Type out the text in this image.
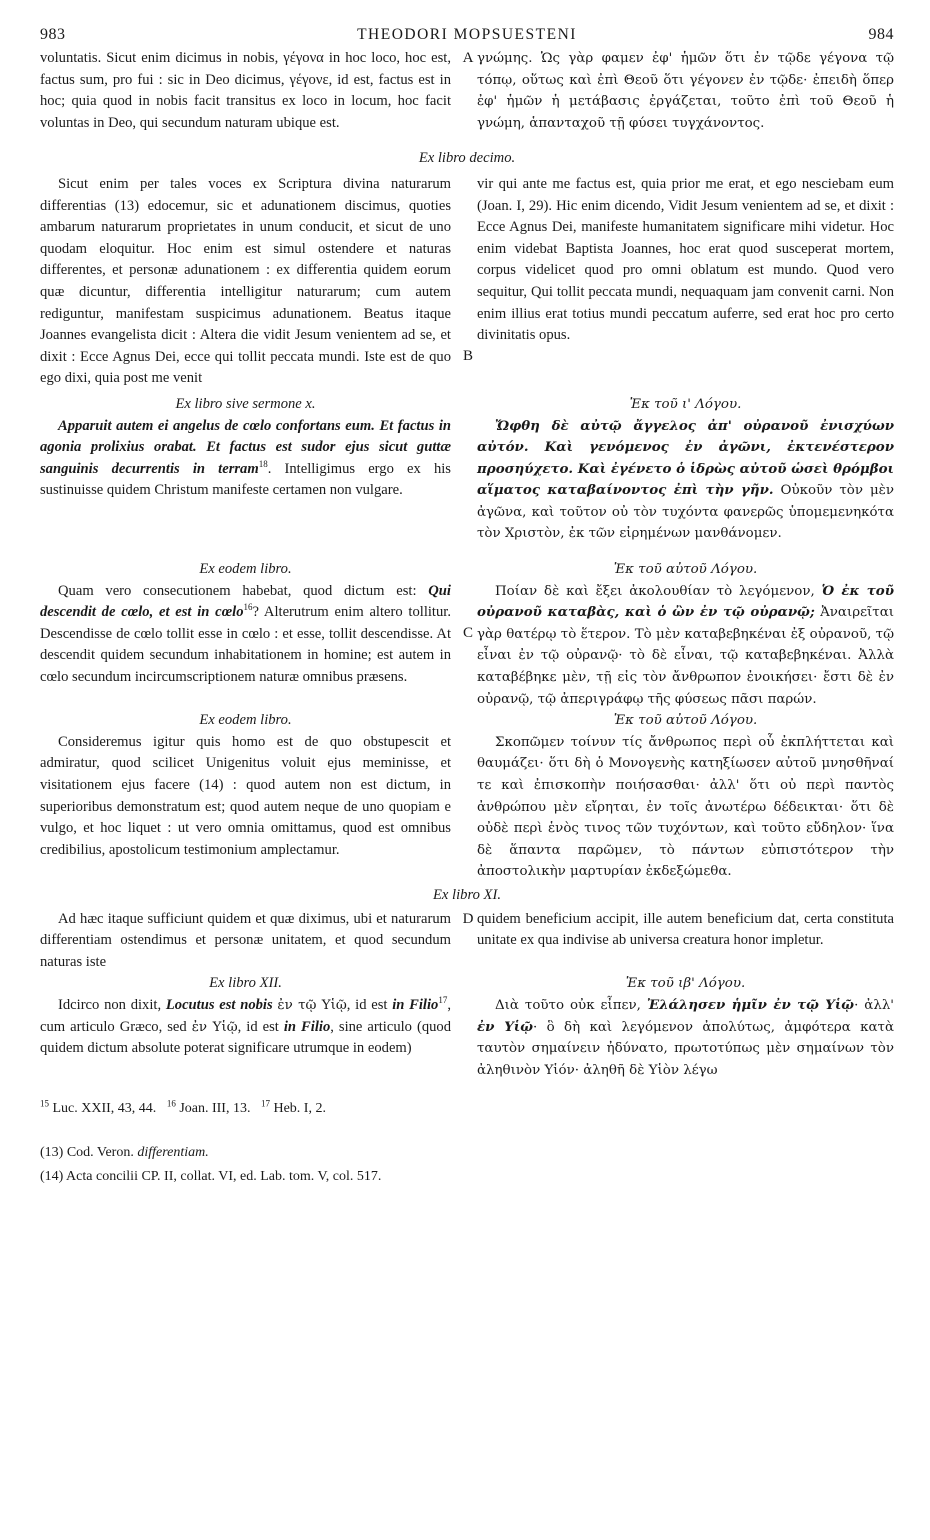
983	THEODORI MOPSUESTENI	984
A

voluntatis. Sicut enim dicimus in nobis, γέγονα in hoc loco, hoc est, factus sum, pro fui : sic in Deo dicimus, γέγονε, id est, factus est in hoc; quia quod in nobis facit transitus ex loco in locum, hoc facit voluntas in Deo, qui secundum naturam ubique est.

γνώμης. Ὡς γὰρ φαμεν ἐφ' ἡμῶν ὅτι ἐν τῷδε γέγονα τῷ τόπῳ, οὕτως καὶ ἐπὶ Θεοῦ ὅτι γέγονεν ἐν τῷδε· ἐπειδὴ ὅπερ ἐφ' ἡμῶν ἡ μετάβασις ἐργάζεται, τοῦτο ἐπὶ τοῦ Θεοῦ ἡ γνώμη, ἁπανταχοῦ τῇ φύσει τυγχάνοντος.

Ex libro decimo.

B

Sicut enim per tales voces ex Scriptura divina naturarum differentias (13) edocemur, sic et adunationem discimus, quoties ambarum naturarum proprietates in unum conducit, et sicut de uno quodam eloquitur. Hoc enim est simul ostendere et naturas differentes, et personæ adunationem : ex differentia quidem eorum quæ dicuntur, differentia intelligitur naturarum; cum autem rediguntur, manifestam suspicimus adunationem. Beatus itaque Joannes evangelista dicit : Altera die vidit Jesum venientem ad se, et dixit : Ecce Agnus Dei, ecce qui tollit peccata mundi. Iste est de quo ego dixi, quia post me venit

vir qui ante me factus est, quia prior me erat, et ego nesciebam eum (Joan. I, 29). Hic enim dicendo, Vidit Jesum venientem ad se, et dixit : Ecce Agnus Dei, manifeste humanitatem significare mihi videtur. Hoc enim videbat Baptista Joannes, hoc erat quod susceperat mortem, corpus videlicet quod pro omni oblatum est mundo. Quod vero sequitur, Qui tollit peccata mundi, nequaquam jam convenit carni. Non enim illius erat totius mundi peccatum auferre, sed erat hoc pro certo divinitatis opus.

Ex libro sive sermone x.

Apparuit autem ei angelus de cœlo confortans eum. Et factus in agonia prolixius orabat. Et factus est sudor ejus sicut guttæ sanguinis decurrentis in terram$^{18}$. Intelligimus ergo ex his sustinuisse quidem Christum manifeste certamen non vulgare.

Ἐκ τοῦ ι' Λόγου.

Ὤφθη δὲ αὐτῷ ἄγγελος ἀπ' οὐρανοῦ ἐνισχύων αὐτόν. Καὶ γενόμενος ἐν ἀγῶνι, ἐκτενέστερον προσηύχετο. Καὶ ἐγένετο ὁ ἱδρὼς αὐτοῦ ὡσεὶ θρόμβοι αἵματος καταβαίνοντος ἐπὶ τὴν γῆν. Οὐκοῦν τὸν μὲν ἀγῶνα, καὶ τοῦτον οὐ τὸν τυχόντα φανερῶς ὑπομεμενηκότα τὸν Χριστὸν, ἐκ τῶν εἰρημένων μανθάνομεν.

C

Ex eodem libro.

Quam vero consecutionem habebat, quod dictum est: Qui descendit de cœlo, et est in cœlo$^{16}$? Alterutrum enim altero tollitur. Descendisse de cœlo tollit esse in cœlo : et esse, tollit descendisse. At descendit quidem secundum inhabitationem in homine; est autem in cœlo secundum incircumscriptionem naturæ omnibus præsens.

Ἐκ τοῦ αὐτοῦ Λόγου.

Ποίαν δὲ καὶ ἔξει ἀκολουθίαν τὸ λεγόμενον, Ὁ ἐκ τοῦ οὐρανοῦ καταβὰς, καὶ ὁ ὢν ἐν τῷ οὐρανῷ; Ἀναιρεῖται γὰρ θατέρῳ τὸ ἕτερον. Τὸ μὲν καταβεβηκέναι ἐξ οὐρανοῦ, τῷ εἶναι ἐν τῷ οὐρανῷ· τὸ δὲ εἶναι, τῷ καταβεβηκέναι. Ἀλλὰ καταβέβηκε μὲν, τῇ εἰς τὸν ἄνθρωπον ἐνοικήσει· ἔστι δὲ ἐν οὐρανῷ, τῷ ἀπεριγράφῳ τῆς φύσεως πᾶσι παρών.

Ex eodem libro.

Consideremus igitur quis homo est de quo obstupescit et admiratur, quod scilicet Unigenitus voluit ejus meminisse, et visitationem ejus facere (14) : quod autem non est dictum, in superioribus demonstratum est; quod autem neque de uno quopiam e vulgo, et hoc liquet : ut vero omnia omittamus, quod est omnibus credibilius, apostolicum testimonium amplectamur.

Ἐκ τοῦ αὐτοῦ Λόγου.

Σκοπῶμεν τοίνυν τίς ἄνθρωπος περὶ οὗ ἐκπλήττεται καὶ θαυμάζει· ὅτι δὴ ὁ Μονογενὴς κατηξίωσεν αὐτοῦ μνησθῆναί τε καὶ ἐπισκοπὴν ποιήσασθαι· ἀλλ' ὅτι οὐ περὶ παντὸς ἀνθρώπου μὲν εἴρηται, ἐν τοῖς ἀνωτέρω δέδεικται· ὅτι δὲ οὐδὲ περὶ ἑνὸς τινος τῶν τυχόντων, καὶ τοῦτο εὔδηλον· ἵνα δὲ ἅπαντα παρῶμεν, τὸ πάντων εὐπιστότερον τὴν ἀποστολικὴν μαρτυρίαν ἐκδεξώμεθα.

Ex libro XI.

D

Ad hæc itaque sufficiunt quidem et quæ diximus, ubi et naturarum differentiam ostendimus et personæ unitatem, et quod secundum naturas iste

quidem beneficium accipit, ille autem beneficium dat, certa constituta unitate ex qua indivise ab universa creatura honor impletur.

Ex libro XII.

Idcirco non dixit, Locutus est nobis ἐν τῷ Υἱῷ, id est in Filio$^{17}$, cum articulo Græco, sed ἐν Υἱῷ, id est in Filio, sine articulo (quod quidem dictum absolute poterat significare utrumque in eodem)

Ἐκ τοῦ ιβ' Λόγου.

Διὰ τοῦτο οὐκ εἶπεν, Ἐλάλησεν ἡμῖν ἐν τῷ Υἱῷ· ἀλλ' ἐν Υἱῷ· ὃ δὴ καὶ λεγόμενον ἀπολύτως, ἀμφότερα κατὰ ταυτὸν σημαίνειν ἠδύνατο, πρωτοτύπως μὲν σημαίνων τὸν ἀληθινὸν Υἱόν· ἀληθῆ δὲ Υἱὸν λέγω

$^{15}$ Luc. XXII, 43, 44. $^{16}$ Joan. III, 13. $^{17}$ Heb. I, 2.

(13) Cod. Veron. differentiam.

(14) Acta concilii CP. II, collat. VI, ed. Lab. tom. V, col. 517.
